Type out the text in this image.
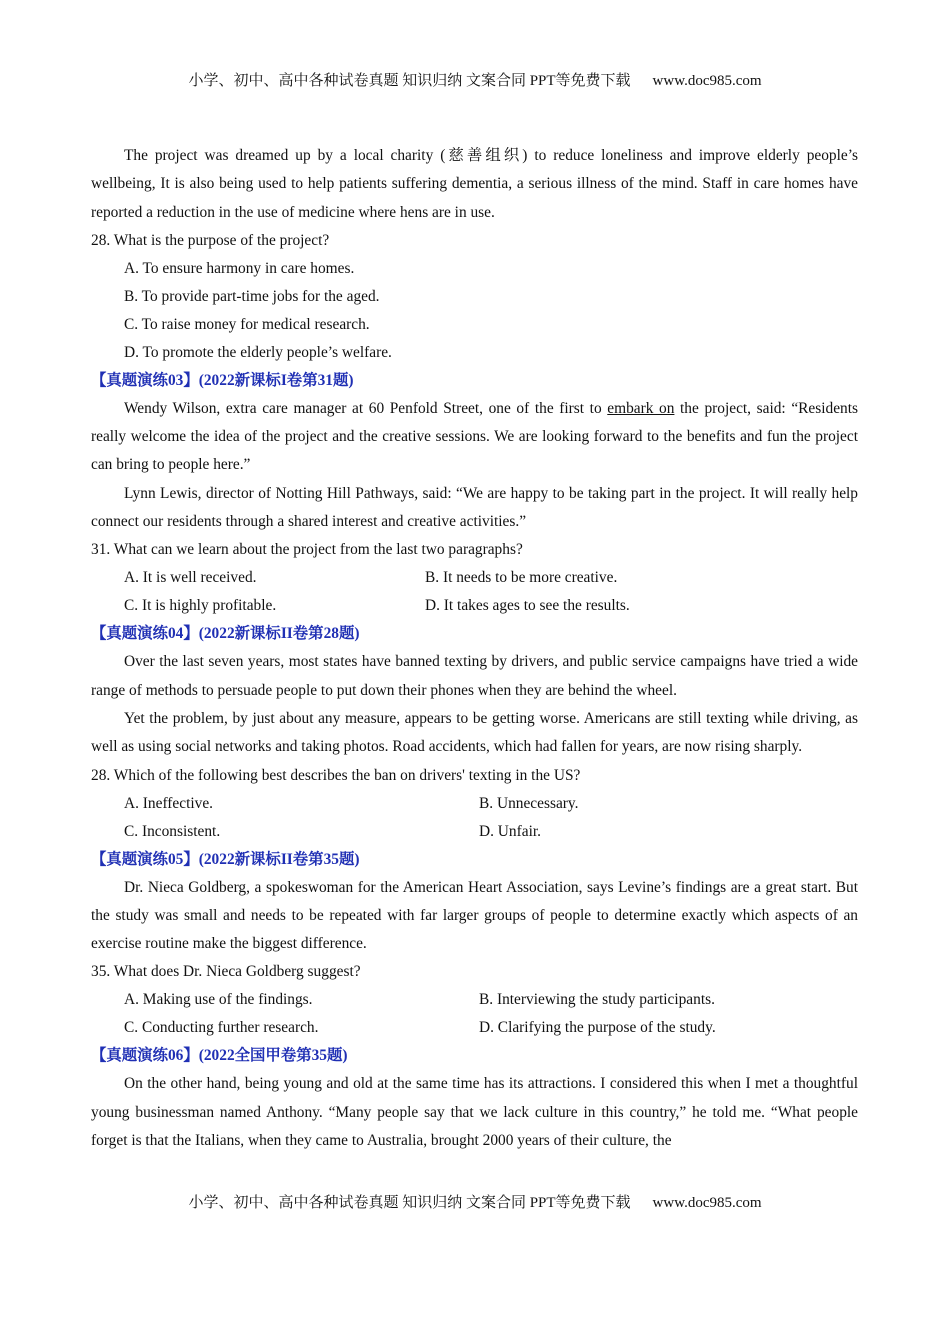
小学、初中、高中各种试卷真题 知识归纳 文案合同 PPT等免费下载 www.doc985.com

The project was dreamed up by a local charity (慈善组织) to reduce loneliness and improve elderly people’s wellbeing, It is also being used to help patients suffering dementia, a serious illness of the mind. Staff in care homes have reported a reduction in the use of medicine where hens are in use.

28. What is the purpose of the project?
A. To ensure harmony in care homes.
B. To provide part-time jobs for the aged.
C. To raise money for medical research.
D. To promote the elderly people’s welfare.
【真题演练03】(2022新课标I卷第31题)

Wendy Wilson, extra care manager at 60 Penfold Street, one of the first to embark on the project, said: “Residents really welcome the idea of the project and the creative sessions. We are looking forward to the benefits and fun the project can bring to people here.”

Lynn Lewis, director of Notting Hill Pathways, said: “We are happy to be taking part in the project. It will really help connect our residents through a shared interest and creative activities.”

31. What can we learn about the project from the last two paragraphs?
A. It is well received.	B. It needs to be more creative.
C. It is highly profitable.	D. It takes ages to see the results.
【真题演练04】(2022新课标II卷第28题)

Over the last seven years, most states have banned texting by drivers, and public service campaigns have tried a wide range of methods to persuade people to put down their phones when they are behind the wheel.

Yet the problem, by just about any measure, appears to be getting worse. Americans are still texting while driving, as well as using social networks and taking photos. Road accidents, which had fallen for years, are now rising sharply.

28. Which of the following best describes the ban on drivers' texting in the US?
A. Ineffective.	B. Unnecessary.
C. Inconsistent.	D. Unfair.
【真题演练05】(2022新课标II卷第35题)

Dr. Nieca Goldberg, a spokeswoman for the American Heart Association, says Levine’s findings are a great start. But the study was small and needs to be repeated with far larger groups of people to determine exactly which aspects of an exercise routine make the biggest difference.

35. What does Dr. Nieca Goldberg suggest?
A. Making use of the findings.	B. Interviewing the study participants.
C. Conducting further research.	D. Clarifying the purpose of the study.
【真题演练06】(2022全国甲卷第35题)

On the other hand, being young and old at the same time has its attractions. I considered this when I met a thoughtful young businessman named Anthony. “Many people say that we lack culture in this country,” he told me. “What people forget is that the Italians, when they came to Australia, brought 2000 years of their culture, the

小学、初中、高中各种试卷真题 知识归纳 文案合同 PPT等免费下载 www.doc985.com
